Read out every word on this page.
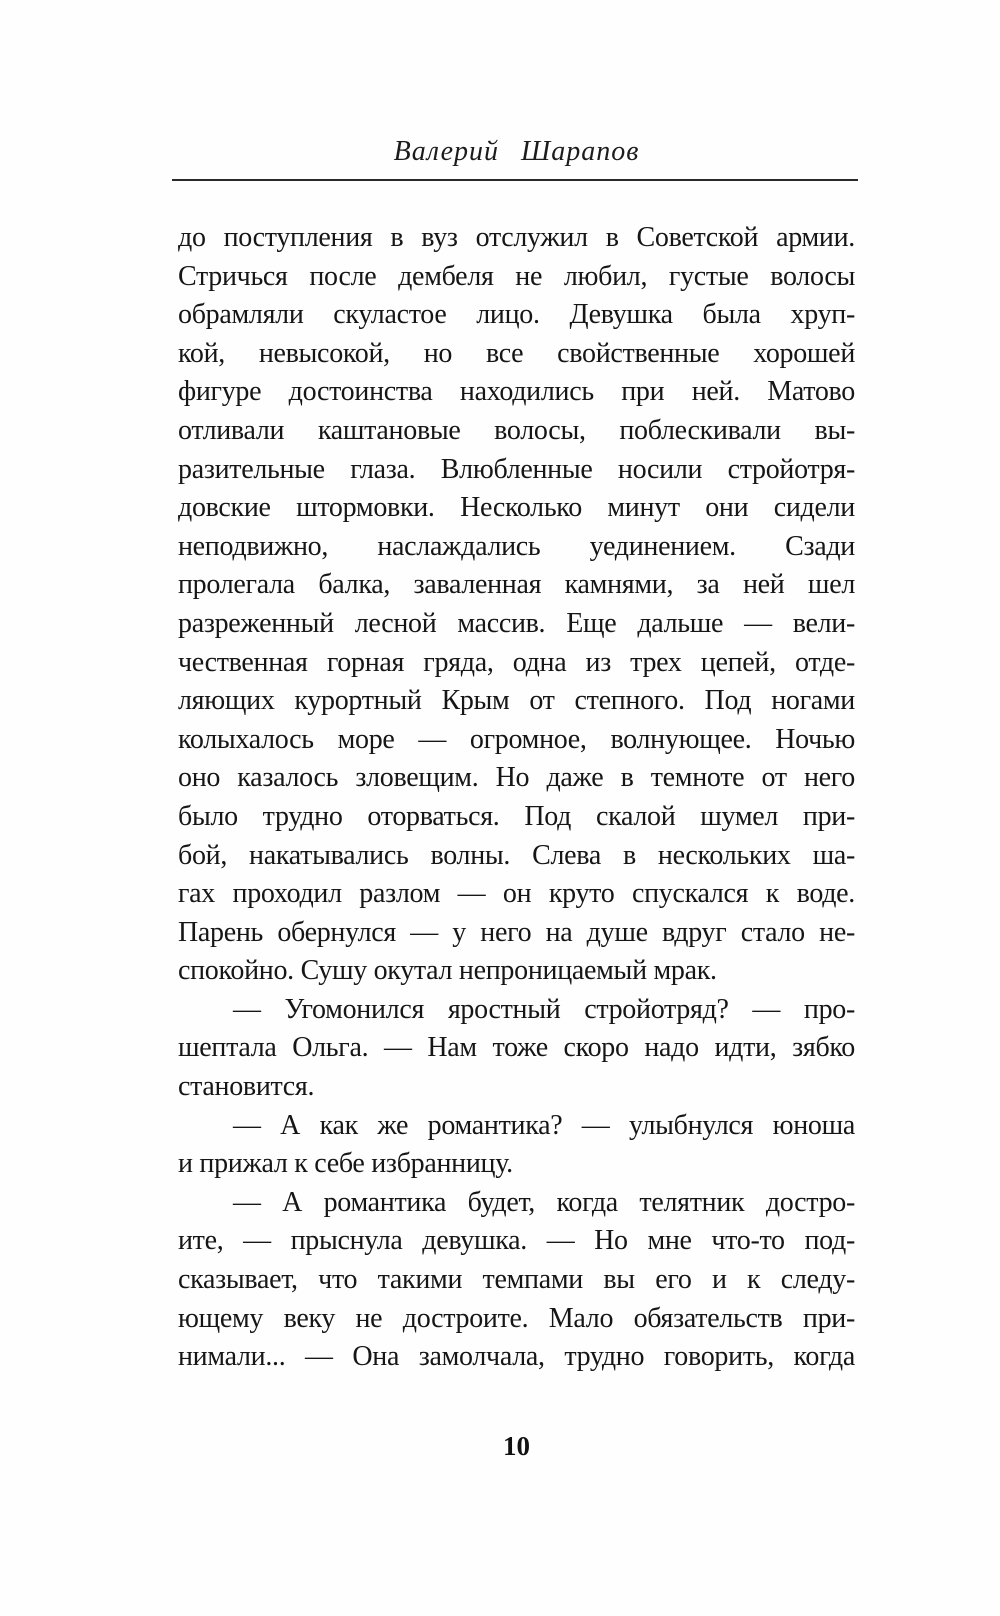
Валерий Шарапов
до поступления в вуз отслужил в Советской армии.
Стричься после дембеля не любил, густые волосы
обрамляли скуластое лицо. Девушка была хруп-
кой, невысокой, но все свойственные хорошей
фигуре достоинства находились при ней. Матово
отливали каштановые волосы, поблескивали вы-
разительные глаза. Влюбленные носили стройотря-
довские штормовки. Несколько минут они сидели
неподвижно, наслаждались уединением. Сзади
пролегала балка, заваленная камнями, за ней шел
разреженный лесной массив. Еще дальше — вели-
чественная горная гряда, одна из трех цепей, отде-
ляющих курортный Крым от степного. Под ногами
колыхалось море — огромное, волнующее. Ночью
оно казалось зловещим. Но даже в темноте от него
было трудно оторваться. Под скалой шумел при-
бой, накатывались волны. Слева в нескольких ша-
гах проходил разлом — он круто спускался к воде.
Парень обернулся — у него на душе вдруг стало не-
спокойно. Сушу окутал непроницаемый мрак.
— Угомонился яростный стройотряд? — про-
шептала Ольга. — Нам тоже скоро надо идти, зябко
становится.
— А как же романтика? — улыбнулся юноша
и прижал к себе избранницу.
— А романтика будет, когда телятник достро-
ите, — прыснула девушка. — Но мне что-то под-
сказывает, что такими темпами вы его и к следу-
ющему веку не достроите. Мало обязательств при-
нимали... — Она замолчала, трудно говорить, когда
10
